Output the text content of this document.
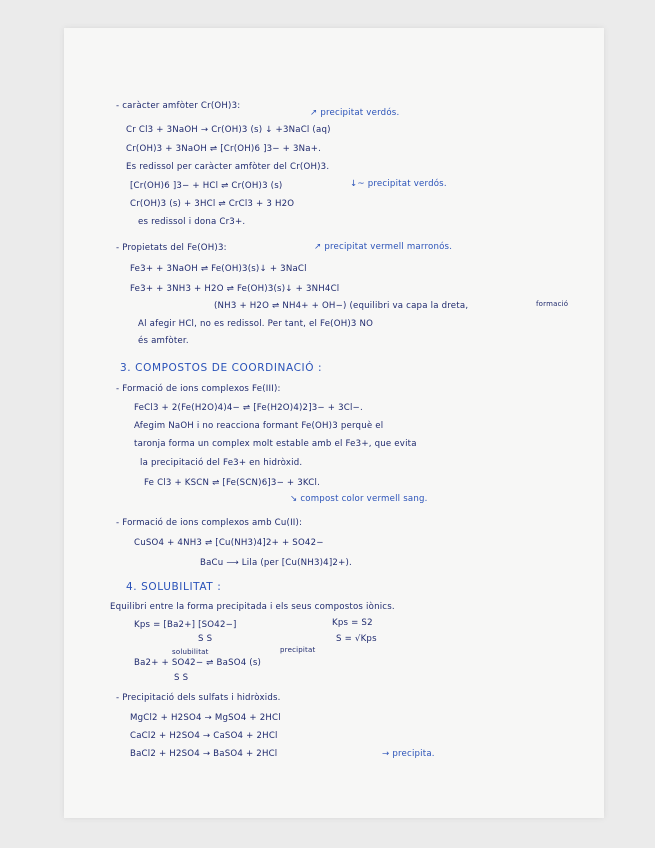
- caràcter amfòter Cr(OH)3:
↗ precipitat verdós.
Cr Cl3 + 3NaOH → Cr(OH)3 (s) ↓ +3NaCl (aq)
Cr(OH)3 + 3NaOH ⇌ [Cr(OH)6 ]3− + 3Na+.
Es redissol per caràcter amfòter del Cr(OH)3.
[Cr(OH)6 ]3− + HCl ⇌ Cr(OH)3 (s)	↓~ precipitat verdós.
Cr(OH)3 (s) + 3HCl ⇌ CrCl3 + 3 H2O
es redissol i dona Cr3+.
- Propietats del Fe(OH)3:	↗ precipitat vermell marronós.
Fe3+ + 3NaOH ⇌ Fe(OH)3(s)↓ + 3NaCl
Fe3+ + 3NH3 + H2O ⇌ Fe(OH)3(s)↓ + 3NH4Cl
(NH3 + H2O ⇌ NH4+ + OH−) (equilibri va capa la dreta,	formació
Al afegir HCl, no es redissol. Per tant, el Fe(OH)3 NO
és amfòter.
3. COMPOSTOS DE COORDINACIÓ :
- Formació de ions complexos Fe(III):
FeCl3 + 2(Fe(H2O)4)4− ⇌ [Fe(H2O)4)2]3− + 3Cl−.
Afegim NaOH i no reacciona formant Fe(OH)3 perquè el
taronja forma un complex molt estable amb el Fe3+, que evita
la precipitació del Fe3+ en hidròxid.
Fe Cl3 + KSCN ⇌ [Fe(SCN)6]3− + 3KCl.
↘ compost color vermell sang.
- Formació de ions complexos amb Cu(II):
CuSO4 + 4NH3 ⇌ [Cu(NH3)4]2+ + SO42−
BaCu ⟶ Lila (per [Cu(NH3)4]2+).
4. SOLUBILITAT :
Equilibri entre la forma precipitada i els seus compostos iònics.
Kps = [Ba2+] [SO42−]	Kps = S2
S S	S = √Kps
solubilitat	precipitat
Ba2+ + SO42− ⇌ BaSO4 (s)
S S
- Precipitació dels sulfats i hidròxids.
MgCl2 + H2SO4 → MgSO4 + 2HCl
CaCl2 + H2SO4 → CaSO4 + 2HCl
BaCl2 + H2SO4 → BaSO4 + 2HCl	→ precipita.
